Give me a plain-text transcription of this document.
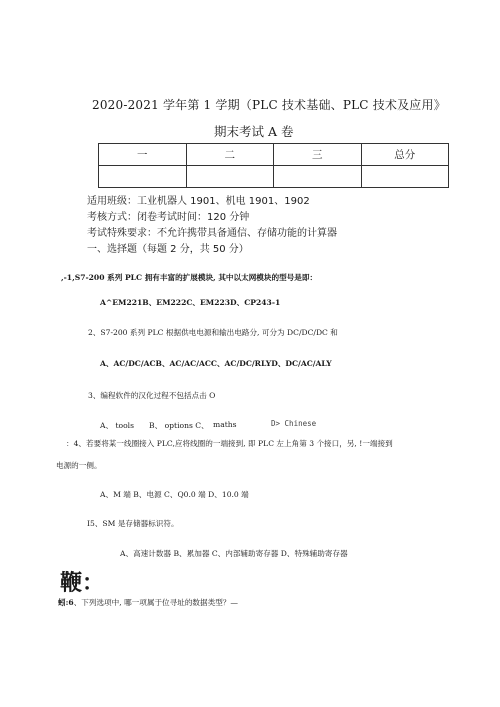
2020-2021 学年第 1 学期（PLC 技术基础、PLC 技术及应用》
期末考试 A 卷
一	二	三	总分

适用班级：工业机器人 1901、机电 1901、1902
考核方式：闭卷考试时间：120 分钟
考试特殊要求：不允许携带具备通信、存储功能的计算器
一、选择题（每题 2 分，共 50 分）
,-1,S7-200 系列 PLC 拥有丰富的扩展模块, 其中以太网模块的型号是即：
A^EM221B、EM222C、EM223D、CP243-1
2、S7-200 系列 PLC 根据供电电源和输出电路分, 可分为 DC/DC/DC 和
A、AC/DC/ACB、AC/AC/ACC、AC/DC/RLYD、DC/AC/ALY
3、编程软件的汉化过程不包括点击 O
A、 tools B、 options C、 maths	D> Chinese
：4、若要将某一线圈接入 PLC,应将线圈的一端接到, 即 PLC 左上角第 3 个接口，另, !一端接到
电源的一侧。
A、M 端 B、电源 C、Q0.0 端 D、10.0 端
I5、SM 是存储器标识符。
A、高速计数器 B、累加器 C、内部辅助寄存器 D、特殊辅助寄存器
鞭：
蚓:6、下列选项中, 哪一项属于位寻址的数据类型？—
